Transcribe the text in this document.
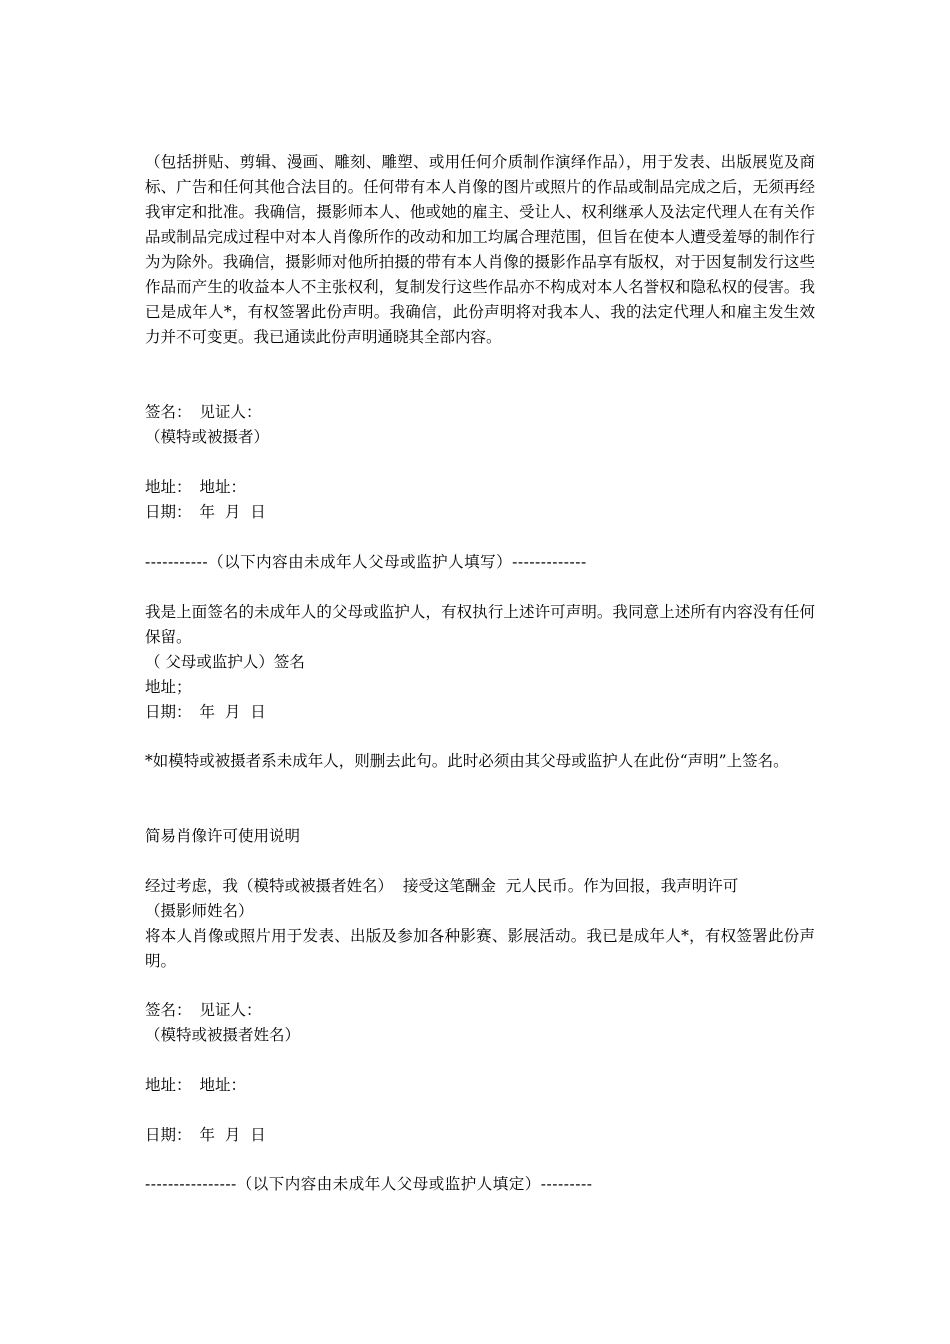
（包括拼贴、剪辑、漫画、雕刻、雕塑、或用任何介质制作演绎作品），用于发表、出版展览及商标、广告和任何其他合法目的。任何带有本人肖像的图片或照片的作品或制品完成之后，无须再经我审定和批准。我确信，摄影师本人、他或她的雇主、受让人、权利继承人及法定代理人在有关作品或制品完成过程中对本人肖像所作的改动和加工均属合理范围，但旨在使本人遭受羞辱的制作行为为除外。我确信，摄影师对他所拍摄的带有本人肖像的摄影作品享有版权，对于因复制发行这些作品而产生的收益本人不主张权利，复制发行这些作品亦不构成对本人名誉权和隐私权的侵害。我已是成年人*，有权签署此份声明。我确信，此份声明将对我本人、我的法定代理人和雇主发生效力并不可变更。我已通读此份声明通晓其全部内容。

签名： 见证人：
（模特或被摄者）
地址： 地址：
日期： 年  月  日
-----------（以下内容由未成年人父母或监护人填写）-------------

我是上面签名的未成年人的父母或监护人，有权执行上述许可声明。我同意上述所有内容没有任何保留。

（ 父母或监护人）签名
地址；
日期： 年  月  日

*如模特或被摄者系未成年人，则删去此句。此时必须由其父母或监护人在此份“声明”上签名。

简易肖像许可使用说明
经过考虑，我（模特或被摄者姓名）  接受这笔酬金  元人民币。作为回报，我声明许可
（摄影师姓名）

将本人肖像或照片用于发表、出版及参加各种影赛、影展活动。我已是成年人*，有权签署此份声明。

签名： 见证人：
（模特或被摄者姓名）
地址： 地址：
日期： 年  月  日
----------------（以下内容由未成年人父母或监护人填定）---------
